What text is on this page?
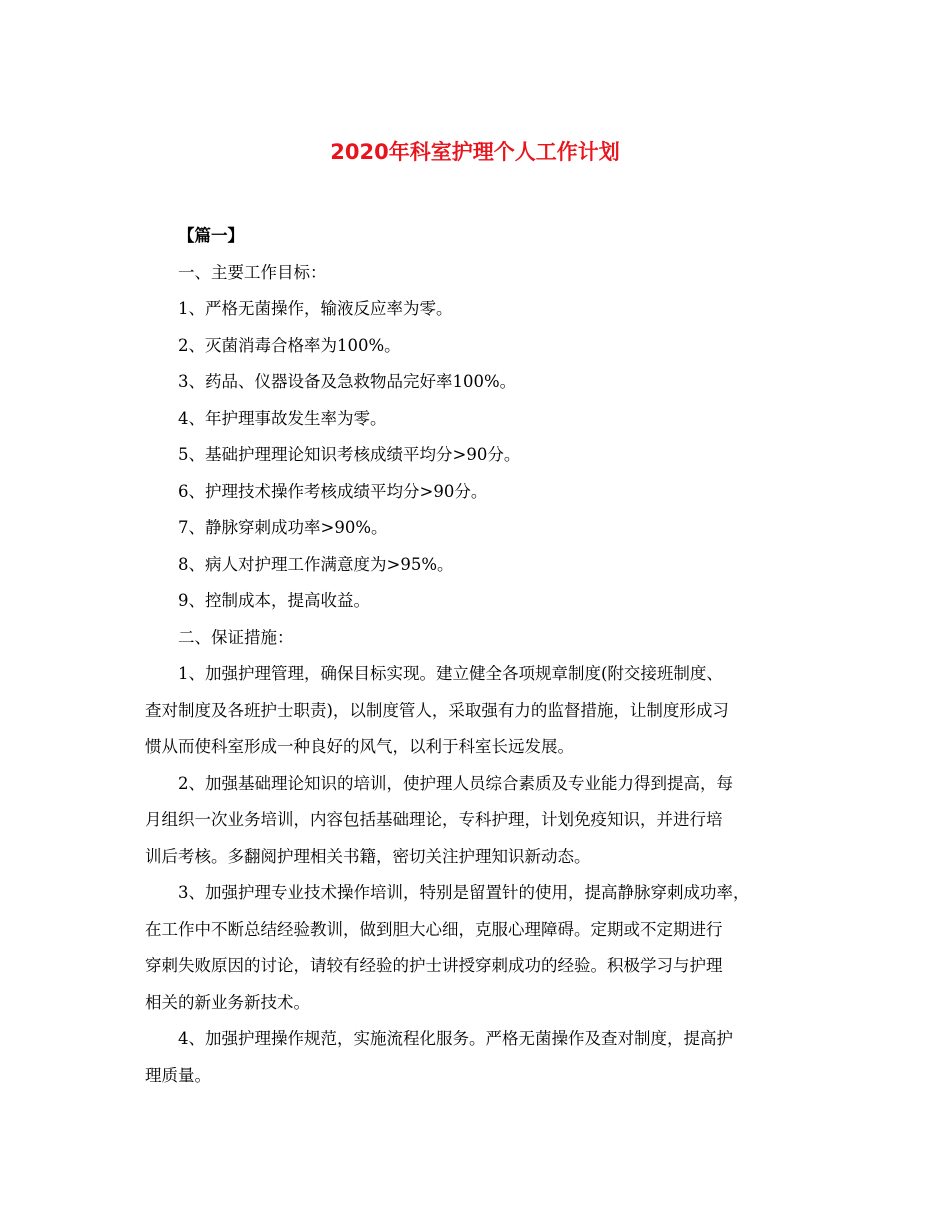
2020年科室护理个人工作计划

【篇一】

一、主要工作目标：

1、严格无菌操作，输液反应率为零。

2、灭菌消毒合格率为100%。

3、药品、仪器设备及急救物品完好率100%。

4、年护理事故发生率为零。

5、基础护理理论知识考核成绩平均分>90分。

6、护理技术操作考核成绩平均分>90分。

7、静脉穿刺成功率>90%。

8、病人对护理工作满意度为>95%。

9、控制成本，提高收益。

二、保证措施：

1、加强护理管理，确保目标实现。建立健全各项规章制度(附交接班制度、

查对制度及各班护士职责)，以制度管人，采取强有力的监督措施，让制度形成习

惯从而使科室形成一种良好的风气，以利于科室长远发展。

2、加强基础理论知识的培训，使护理人员综合素质及专业能力得到提高，每

月组织一次业务培训，内容包括基础理论，专科护理，计划免疫知识，并进行培

训后考核。多翻阅护理相关书籍，密切关注护理知识新动态。

3、加强护理专业技术操作培训，特别是留置针的使用，提高静脉穿刺成功率，

在工作中不断总结经验教训，做到胆大心细，克服心理障碍。定期或不定期进行

穿刺失败原因的讨论，请较有经验的护士讲授穿刺成功的经验。积极学习与护理

相关的新业务新技术。

4、加强护理操作规范，实施流程化服务。严格无菌操作及查对制度，提高护

理质量。
